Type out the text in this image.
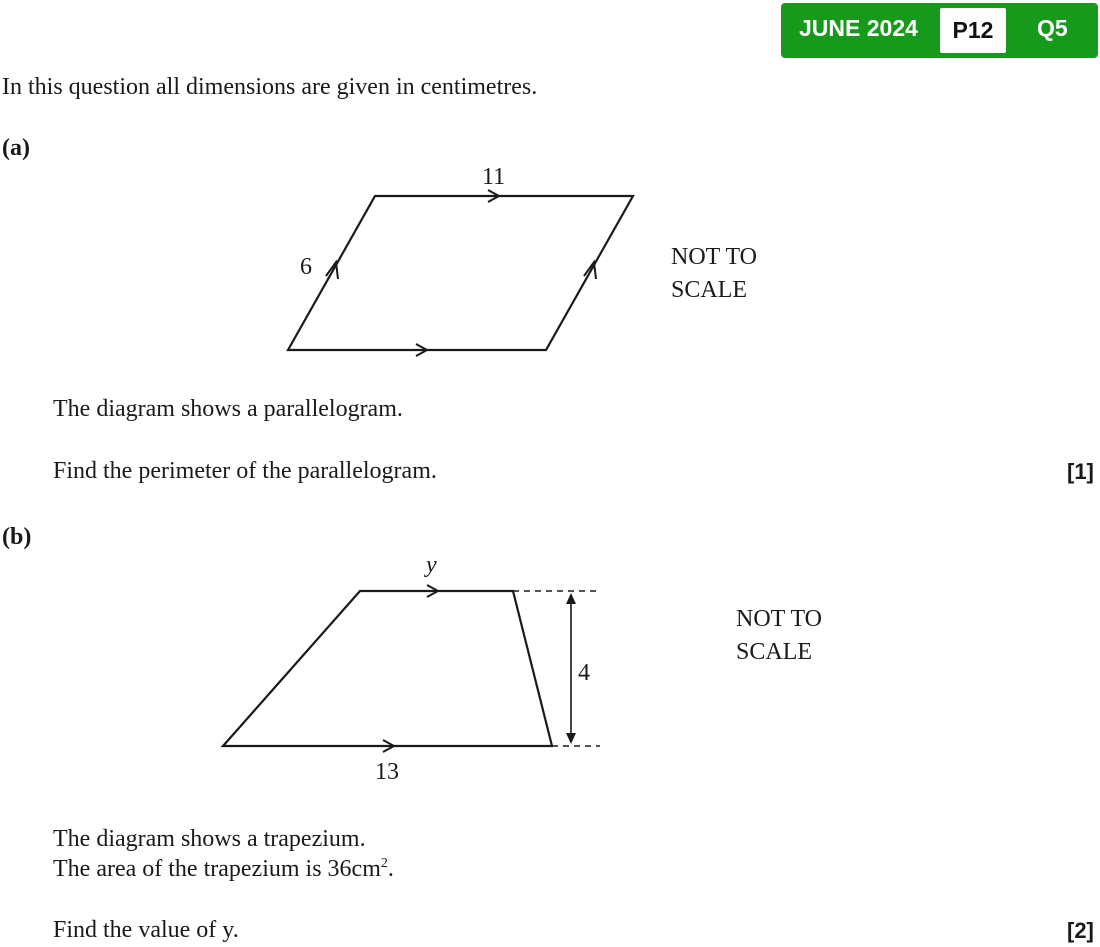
JUNE 2024	P12	Q5
In this question all dimensions are given in centimetres.
(a)
11
6	NOT TO
SCALE
4
y
13
NOT TO
SCALE
The diagram shows a parallelogram.
Find the perimeter of the parallelogram.	[1]
(b)
The diagram shows a trapezium.
The area of the trapezium is $36cm^2$.
Find the value of y.	[2]
